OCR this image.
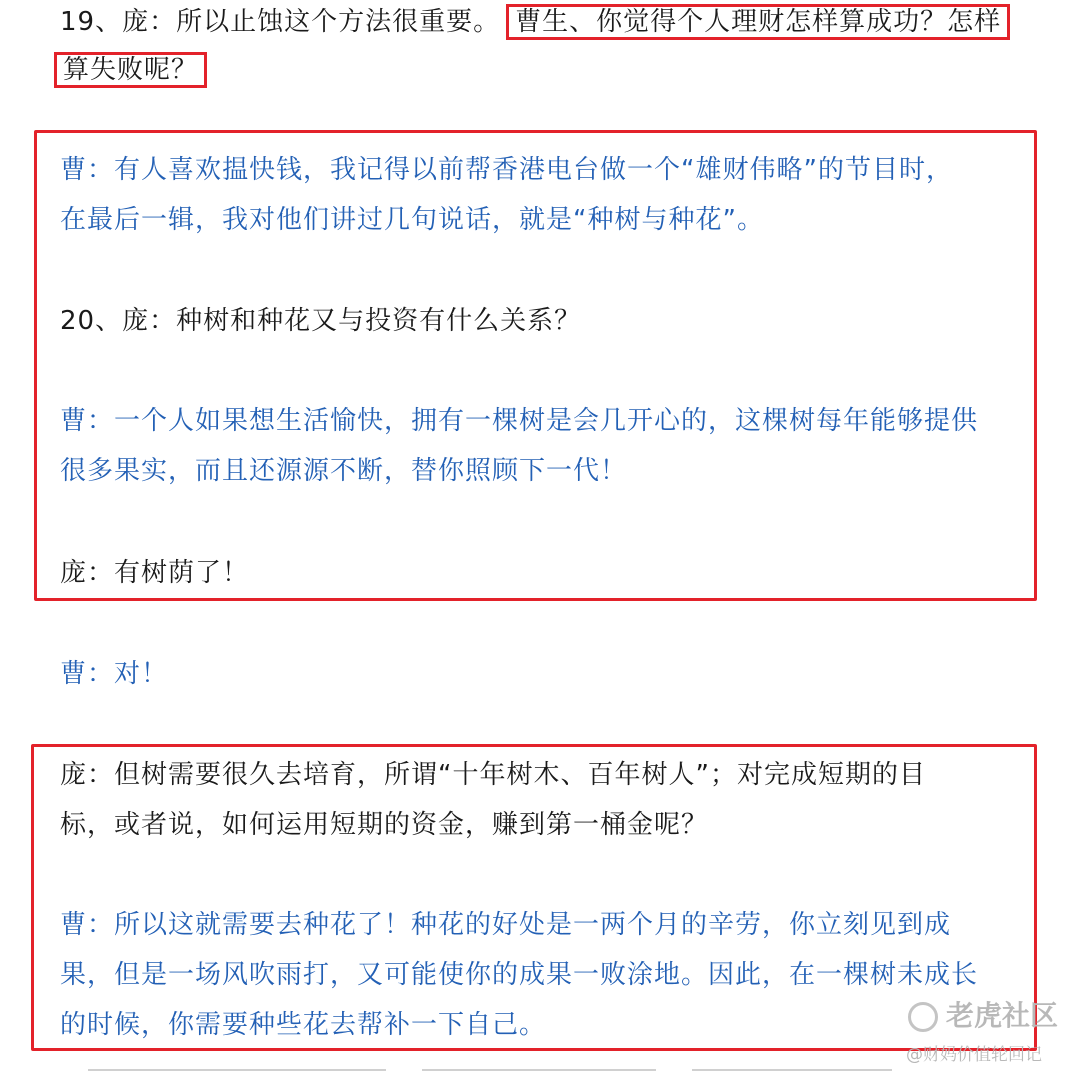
19、庞：所以止蚀这个方法很重要。 曹生、你觉得个人理财怎样算成功？怎样
算失败呢？
曹：有人喜欢揾快钱，我记得以前帮香港电台做一个“雄财伟略”的节目时，
在最后一辑，我对他们讲过几句说话，就是“种树与种花”。
20、庞：种树和种花又与投资有什么关系？
曹：一个人如果想生活愉快，拥有一棵树是会几开心的，这棵树每年能够提供
很多果实，而且还源源不断，替你照顾下一代！
庞：有树荫了！
曹：对！
庞：但树需要很久去培育，所谓“十年树木、百年树人”；对完成短期的目
标，或者说，如何运用短期的资金，赚到第一桶金呢？
曹：所以这就需要去种花了！种花的好处是一两个月的辛劳，你立刻见到成
果，但是一场风吹雨打，又可能使你的成果一败涂地。因此，在一棵树未成长
的时候，你需要种些花去帮补一下自己。	老虎社区
@财妈价值轮回记
